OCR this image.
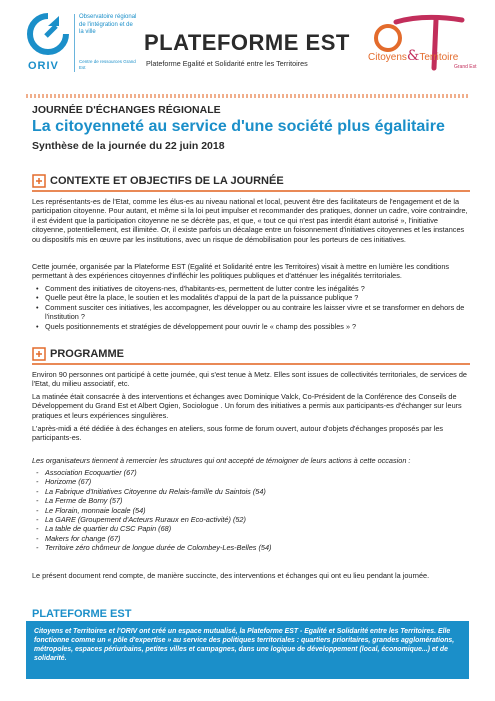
ORIV
Observatoire régional de l'intégration et de la ville
Centre de ressources Grand Est
PLATEFORME EST
Plateforme Egalité et Solidarité entre les Territoires
Citoyens&Territoire
Grand Est
JOURNÉE D'ÉCHANGES RÉGIONALE
La citoyenneté au service d'une société plus égalitaire
Synthèse de la journée du 22 juin 2018
CONTEXTE ET OBJECTIFS DE LA JOURNÉE

Les représentants-es de l'Etat, comme les élus-es au niveau national et local, peuvent être des facilitateurs de l'engagement et de la participation citoyenne. Pour autant, et même si la loi peut impulser et recommander des pratiques, donner un cadre, voire contraindre, il est évident que la participation citoyenne ne se décrète pas, et que, « tout ce qui n'est pas interdit étant autorisé », l'initiative citoyenne, potentiellement, est illimitée. Or, il existe parfois un décalage entre un foisonnement d'initiatives citoyennes et les instances ou dispositifs mis en œuvre par les institutions, avec un risque de démobilisation pour les porteurs de ces initiatives.

Cette journée, organisée par la Plateforme EST (Egalité et Solidarité entre les Territoires) visait à mettre en lumière les conditions permettant à des expériences citoyennes d'infléchir les politiques publiques et d'atténuer les inégalités territoriales.

• Comment des initiatives de citoyens-nes, d'habitants-es, permettent de lutter contre les inégalités ?
• Quelle peut être la place, le soutien et les modalités d'appui de la part de la puissance publique ?
• Comment susciter ces initiatives, les accompagner, les développer ou au contraire les laisser vivre et se transformer en dehors de l'institution ?
• Quels positionnements et stratégies de développement pour ouvrir le « champ des possibles » ?
PROGRAMME

Environ 90 personnes ont participé à cette journée, qui s'est tenue à Metz. Elles sont issues de collectivités territoriales, de services de l'Etat, du milieu associatif, etc.

La matinée était consacrée à des interventions et échanges avec Dominique Valck, Co-Président de la Conférence des Conseils de Développement du Grand Est et Albert Ogien, Sociologue . Un forum des initiatives a permis aux participants-es d'échanger sur leurs pratiques et leurs expériences singulières.

L'après-midi a été dédiée à des échanges en ateliers, sous forme de forum ouvert, autour d'objets d'échanges proposés par les participants-es.

Les organisateurs tiennent à remercier les structures qui ont accepté de témoigner de leurs actions à cette occasion :

- Association Ecoquartier (67)
- Horizome (67)
- La Fabrique d'Initiatives Citoyenne du Relais-famille du Saintois (54)
- La Ferme de Borny (57)
- Le Florain, monnaie locale (54)
- La GARE (Groupement d'Acteurs Ruraux en Eco-activité) (52)
- La table de quartier du CSC Papin (68)
- Makers for change (67)
- Territoire zéro chômeur de longue durée de Colombey-Les-Belles (54)

Le présent document rend compte, de manière succincte, des interventions et échanges qui ont eu lieu pendant la journée.

PLATEFORME EST

Citoyens et Territoires et l'ORIV ont créé un espace mutualisé, la Plateforme EST - Egalité et Solidarité entre les Territoires. Elle fonctionne comme un « pôle d'expertise » au service des politiques territoriales : quartiers prioritaires, grandes agglomérations, métropoles, espaces périurbains, petites villes et campagnes, dans une logique de développement (local, économique...) et de solidarité.
